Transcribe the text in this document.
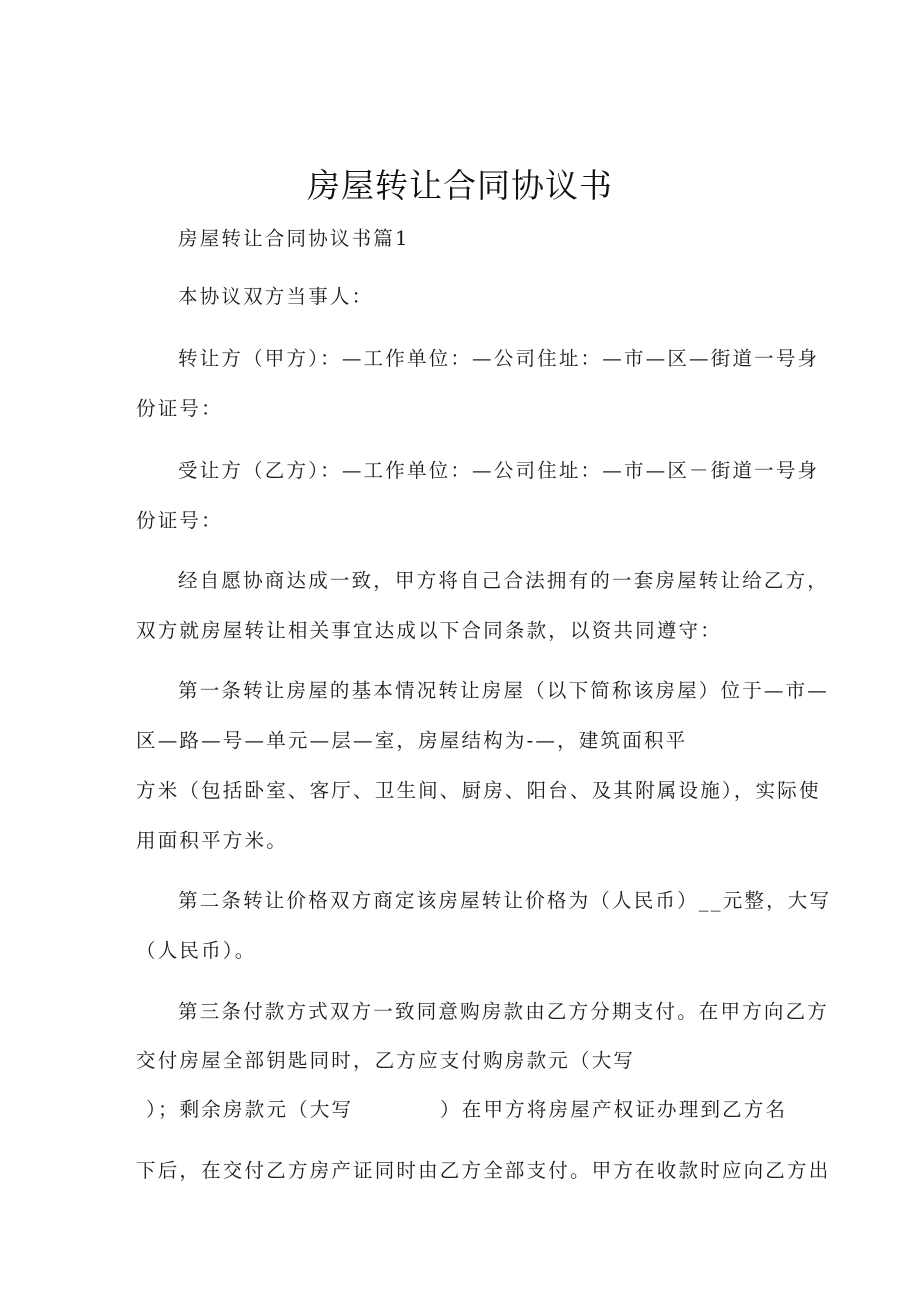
房屋转让合同协议书
房屋转让合同协议书篇1
本协议双方当事人：
转让方（甲方）：—工作单位：—公司住址：—市—区—街道一号身
份证号：
受让方（乙方）：—工作单位：—公司住址：—市—区－街道一号身
份证号：
经自愿协商达成一致，甲方将自己合法拥有的一套房屋转让给乙方，
双方就房屋转让相关事宜达成以下合同条款，以资共同遵守：
第一条转让房屋的基本情况转让房屋（以下简称该房屋）位于—市—
区—路—号—单元—层—室，房屋结构为-—，建筑面积平
方米（包括卧室、客厅、卫生间、厨房、阳台、及其附属设施），实际使
用面积平方米。
第二条转让价格双方商定该房屋转让价格为（人民币）__元整，大写
（人民币）。
第三条付款方式双方一致同意购房款由乙方分期支付。在甲方向乙方
交付房屋全部钥匙同时，乙方应支付购房款元（大写
）；剩余房款元（大写　　　　）在甲方将房屋产权证办理到乙方名
下后，在交付乙方房产证同时由乙方全部支付。甲方在收款时应向乙方出
